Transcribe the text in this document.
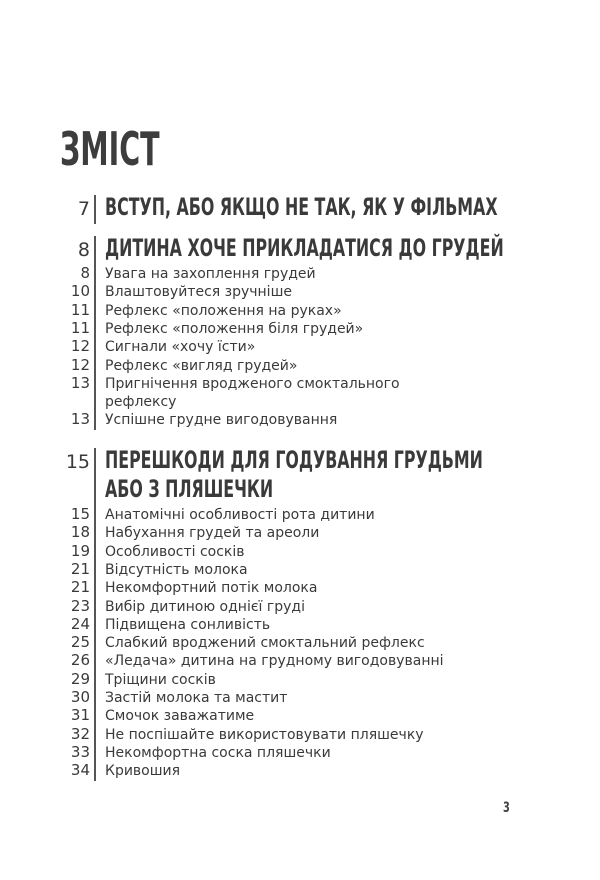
ЗМІСТ
7 ВСТУП, АБО ЯКЩО НЕ ТАК, ЯК У ФІЛЬМАХ
8 ДИТИНА ХОЧЕ ПРИКЛАДАТИСЯ ДО ГРУДЕЙ
8 Увага на захоплення грудей
10 Влаштовуйтеся зручніше
11 Рефлекс «положення на руках»
11 Рефлекс «положення біля грудей»
12 Сигнали «хочу їсти»
12 Рефлекс «вигляд грудей»
13 Пригнічення вродженого смоктального
рефлексу
13 Успішне грудне вигодовування
15 ПЕРЕШКОДИ ДЛЯ ГОДУВАННЯ ГРУДЬМИ
АБО З ПЛЯШЕЧКИ
15 Анатомічні особливості рота дитини
18 Набухання грудей та ареоли
19 Особливості сосків
21 Відсутність молока
21 Некомфортний потік молока
23 Вибір дитиною однієї груді
24 Підвищена сонливість
25 Слабкий вроджений смоктальний рефлекс
26 «Ледача» дитина на грудному вигодовуванні
29 Тріщини сосків
30 Застій молока та мастит
31 Смочок заважатиме
32 Не поспішайте використовувати пляшечку
33 Некомфортна соска пляшечки
34 Кривошия
3
